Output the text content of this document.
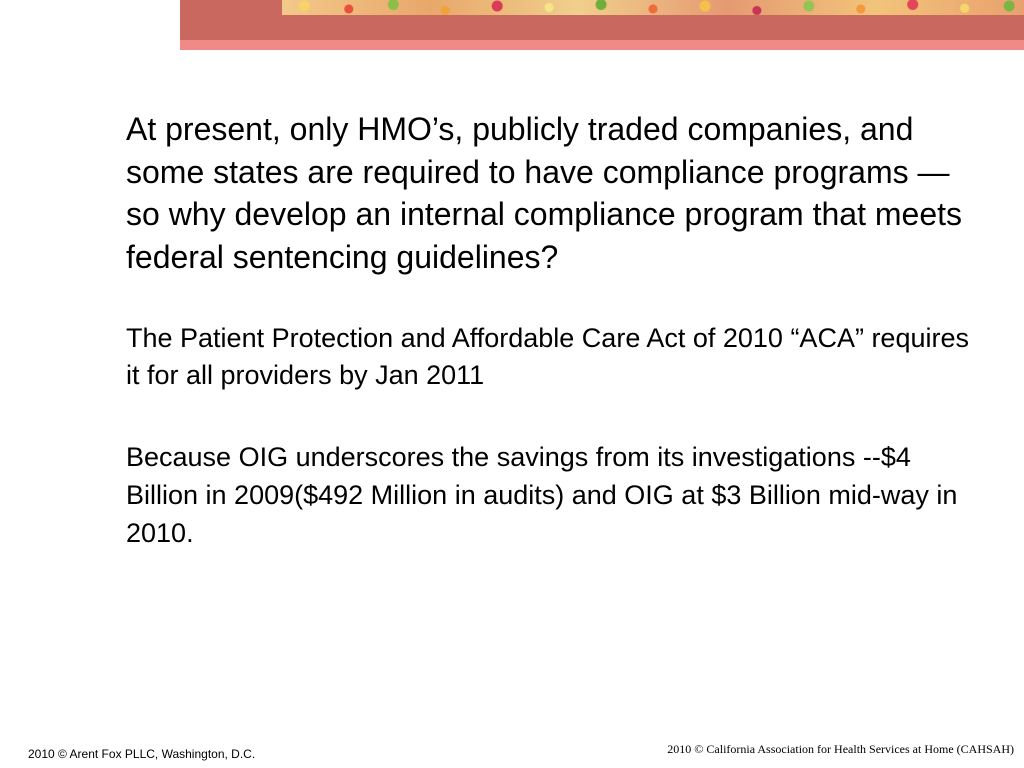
At present, only HMO’s, publicly traded companies, and some states are required to have compliance programs — so why develop an internal compliance program that meets federal sentencing guidelines?

The Patient Protection and Affordable Care Act of 2010 “ACA” requires it for all providers by Jan 2011

Because OIG underscores the savings from its investigations --$4 Billion in 2009($492 Million in audits) and OIG at $3 Billion mid-way in 2010.

2010 © Arent Fox PLLC, Washington, D.C.	2010 © California Association for Health Services at Home (CAHSAH)
